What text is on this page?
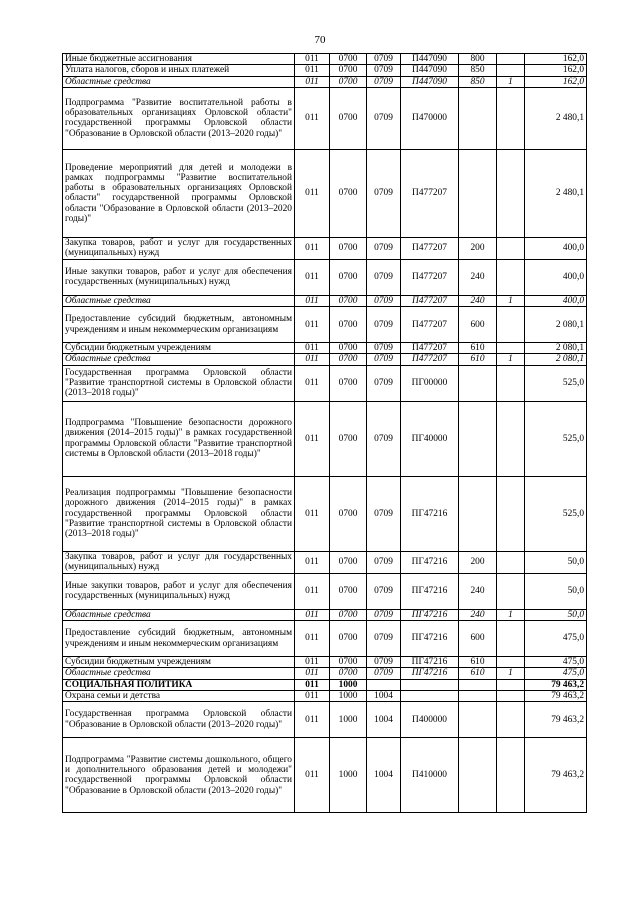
70
Иные бюджетные ассигнования	011	0700	0709	П447090	800		162,0
Уплата налогов, сборов и иных платежей	011	0700	0709	П447090	850		162,0
Областные средства	011	0700	0709	П447090	850	1	162,0
Подпрограмма "Развитие воспитательной работы в образовательных организациях Орловской области" государственной программы Орловской области "Образование в Орловской области (2013–2020 годы)"	011	0700	0709	П470000			2 480,1
Проведение мероприятий для детей и молодежи в рамках подпрограммы "Развитие воспитательной работы в образовательных организациях Орловской области" государственной программы Орловской области "Образование в Орловской области (2013–2020 годы)"	011	0700	0709	П477207			2 480,1
Закупка товаров, работ и услуг для государственных (муниципальных) нужд	011	0700	0709	П477207	200		400,0
Иные закупки товаров, работ и услуг для обеспечения государственных (муниципальных) нужд	011	0700	0709	П477207	240		400,0
Областные средства	011	0700	0709	П477207	240	1	400,0
Предоставление субсидий бюджетным, автономным учреждениям и иным некоммерческим организациям	011	0700	0709	П477207	600		2 080,1
Субсидии бюджетным учреждениям	011	0700	0709	П477207	610		2 080,1
Областные средства	011	0700	0709	П477207	610	1	2 080,1
Государственная программа Орловской области "Развитие транспортной системы в Орловской области (2013–2018 годы)"	011	0700	0709	ПГ00000			525,0
Подпрограмма "Повышение безопасности дорожного движения (2014–2015 годы)" в рамках государственной программы Орловской области "Развитие транспортной системы в Орловской области (2013–2018 годы)"	011	0700	0709	ПГ40000			525,0
Реализация подпрограммы "Повышение безопасности дорожного движения (2014–2015 годы)" в рамках государственной программы Орловской области "Развитие транспортной системы в Орловской области (2013–2018 годы)"	011	0700	0709	ПГ47216			525,0
Закупка товаров, работ и услуг для государственных (муниципальных) нужд	011	0700	0709	ПГ47216	200		50,0
Иные закупки товаров, работ и услуг для обеспечения государственных (муниципальных) нужд	011	0700	0709	ПГ47216	240		50,0
Областные средства	011	0700	0709	ПГ47216	240	1	50,0
Предоставление субсидий бюджетным, автономным учреждениям и иным некоммерческим организациям	011	0700	0709	ПГ47216	600		475,0
Субсидии бюджетным учреждениям	011	0700	0709	ПГ47216	610		475,0
Областные средства	011	0700	0709	ПГ47216	610	1	475,0
СОЦИАЛЬНАЯ ПОЛИТИКА	011	1000					79 463,2
Охрана семьи и детства	011	1000	1004				79 463,2
Государственная программа Орловской области "Образование в Орловской области (2013–2020 годы)"	011	1000	1004	П400000			79 463,2
Подпрограмма "Развитие системы дошкольного, общего и дополнительного образования детей и молодежи" государственной программы Орловской области "Образование в Орловской области (2013–2020 годы)"	011	1000	1004	П410000			79 463,2
